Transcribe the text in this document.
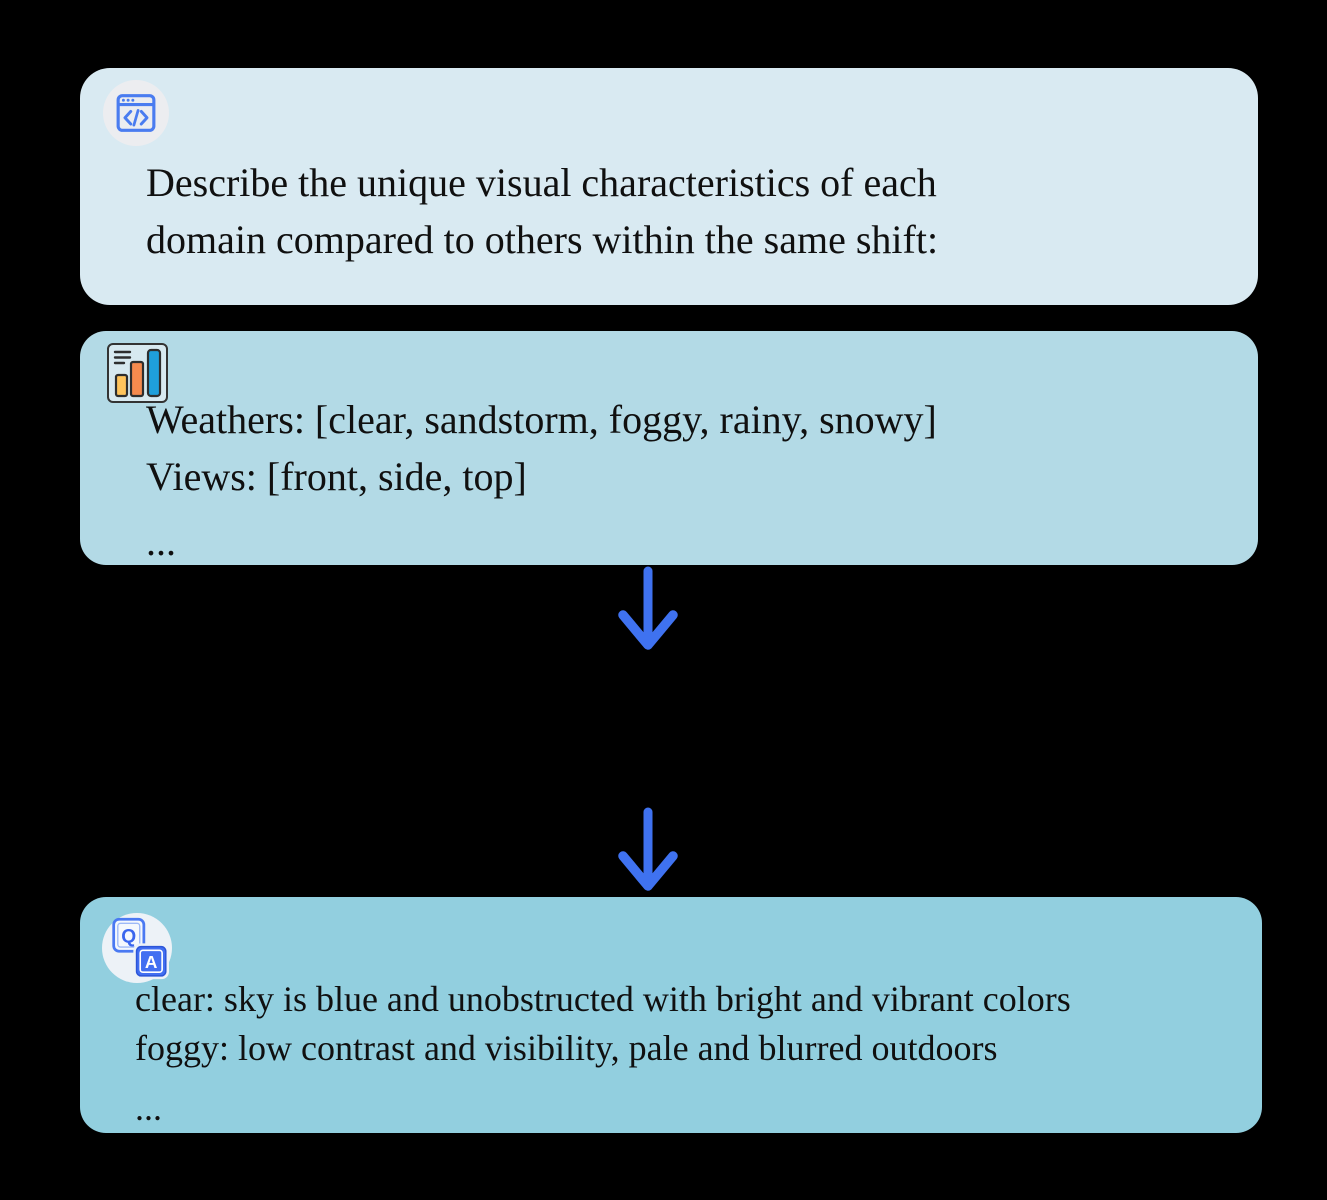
Describe the unique visual characteristics of each
domain compared to others within the same shift:
Weathers: [clear, sandstorm, foggy, rainy, snowy]
Views: [front, side, top]
...
Q
A
clear: sky is blue and unobstructed with bright and vibrant colors
foggy: low contrast and visibility, pale and blurred outdoors
...
